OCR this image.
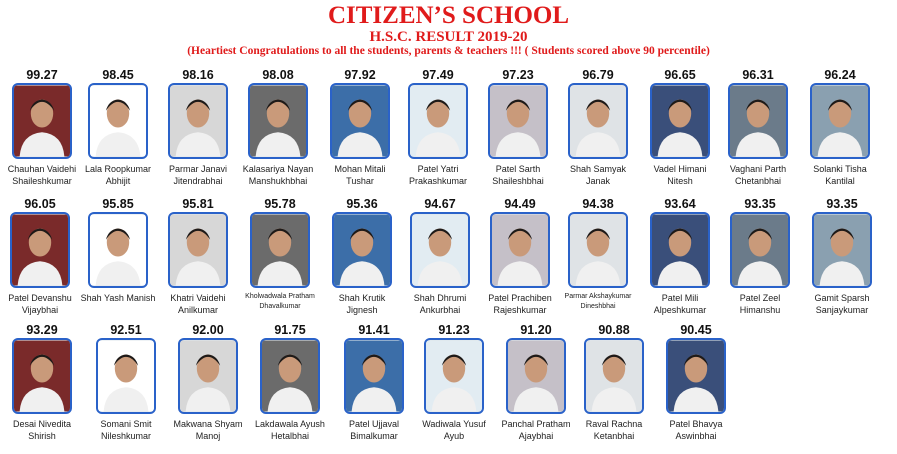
CITIZEN’S SCHOOL
H.S.C. RESULT 2019-20
(Heartiest Congratulations to all the students, parents & teachers !!! ( Students scored above 90 percentile)
99.27
Chauhan Vaidehi
Shaileshkumar
98.45
Lala Roopkumar
Abhijit
98.16
Parmar Janavi
Jitendrabhai
98.08
Kalasariya Nayan
Manshukhbhai
97.92
Mohan Mitali
Tushar
97.49
Patel Yatri
Prakashkumar
97.23
Patel Sarth
Shaileshbhai
96.79
Shah Samyak
Janak
96.65
Vadel Himani
Nitesh
96.31
Vaghani Parth
Chetanbhai
96.24
Solanki Tisha
Kantilal
96.05
Patel Devanshu
Vijaybhai
95.85
Shah Yash Manish
95.81
Khatri Vaidehi
Anilkumar
95.78
Kholwadwala Pratham
Dhavalkumar
95.36
Shah Krutik
Jignesh
94.67
Shah Dhrumi
Ankurbhai
94.49
Patel Prachiben
Rajeshkumar
94.38
Parmar Akshaykumar
Dineshbhai
93.64
Patel Mili
Alpeshkumar
93.35
Patel Zeel
Himanshu
93.35
Gamit Sparsh
Sanjaykumar
93.29
Desai Nivedita
Shirish
92.51
Somani Smit
Nileshkumar
92.00
Makwana Shyam
Manoj
91.75
Lakdawala Ayush
Hetalbhai
91.41
Patel Ujjaval
Bimalkumar
91.23
Wadiwala Yusuf
Ayub
91.20
Panchal Pratham
Ajaybhai
90.88
Raval Rachna
Ketanbhai
90.45
Patel Bhavya
Aswinbhai
